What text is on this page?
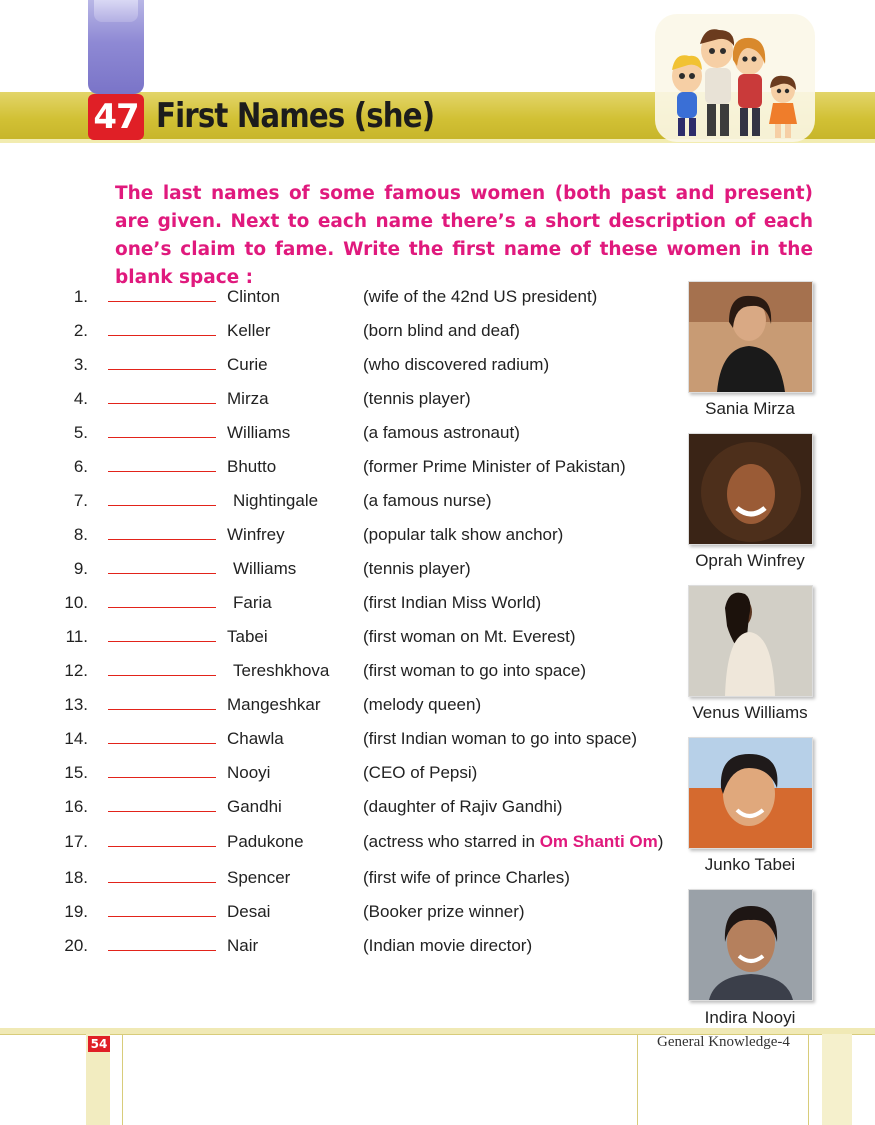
47 First Names (she)
The last names of some famous women (both past and present) are given. Next to each name there’s a short description of each one’s claim to fame. Write the first name of these women in the blank space :
1.	Clinton	(wife of the 42nd US president)
2.	Keller	(born blind and deaf)
3.	Curie	(who discovered radium)
4.	Mirza	(tennis player)
5.	Williams	(a famous astronaut)
6.	Bhutto	(former Prime Minister of Pakistan)
7.	Nightingale	(a famous nurse)
8.	Winfrey	(popular talk show anchor)
9.	Williams	(tennis player)
10.	Faria	(first Indian Miss World)
11.	Tabei	(first woman on Mt. Everest)
12.	Tereshkhova (first woman to go into space)
13.	Mangeshkar (melody queen)
14.	Chawla	(first Indian woman to go into space)
15.	Nooyi	(CEO of Pepsi)
16.	Gandhi	(daughter of Rajiv Gandhi)
17.	Padukone	(actress who starred in Om Shanti Om)
18.	Spencer	(first wife of prince Charles)
19.	Desai	(Booker prize winner)
20.	Nair	(Indian movie director)
Sania Mirza
Oprah Winfrey
Venus Williams
Junko Tabei
Indira Nooyi
54	General Knowledge-4
